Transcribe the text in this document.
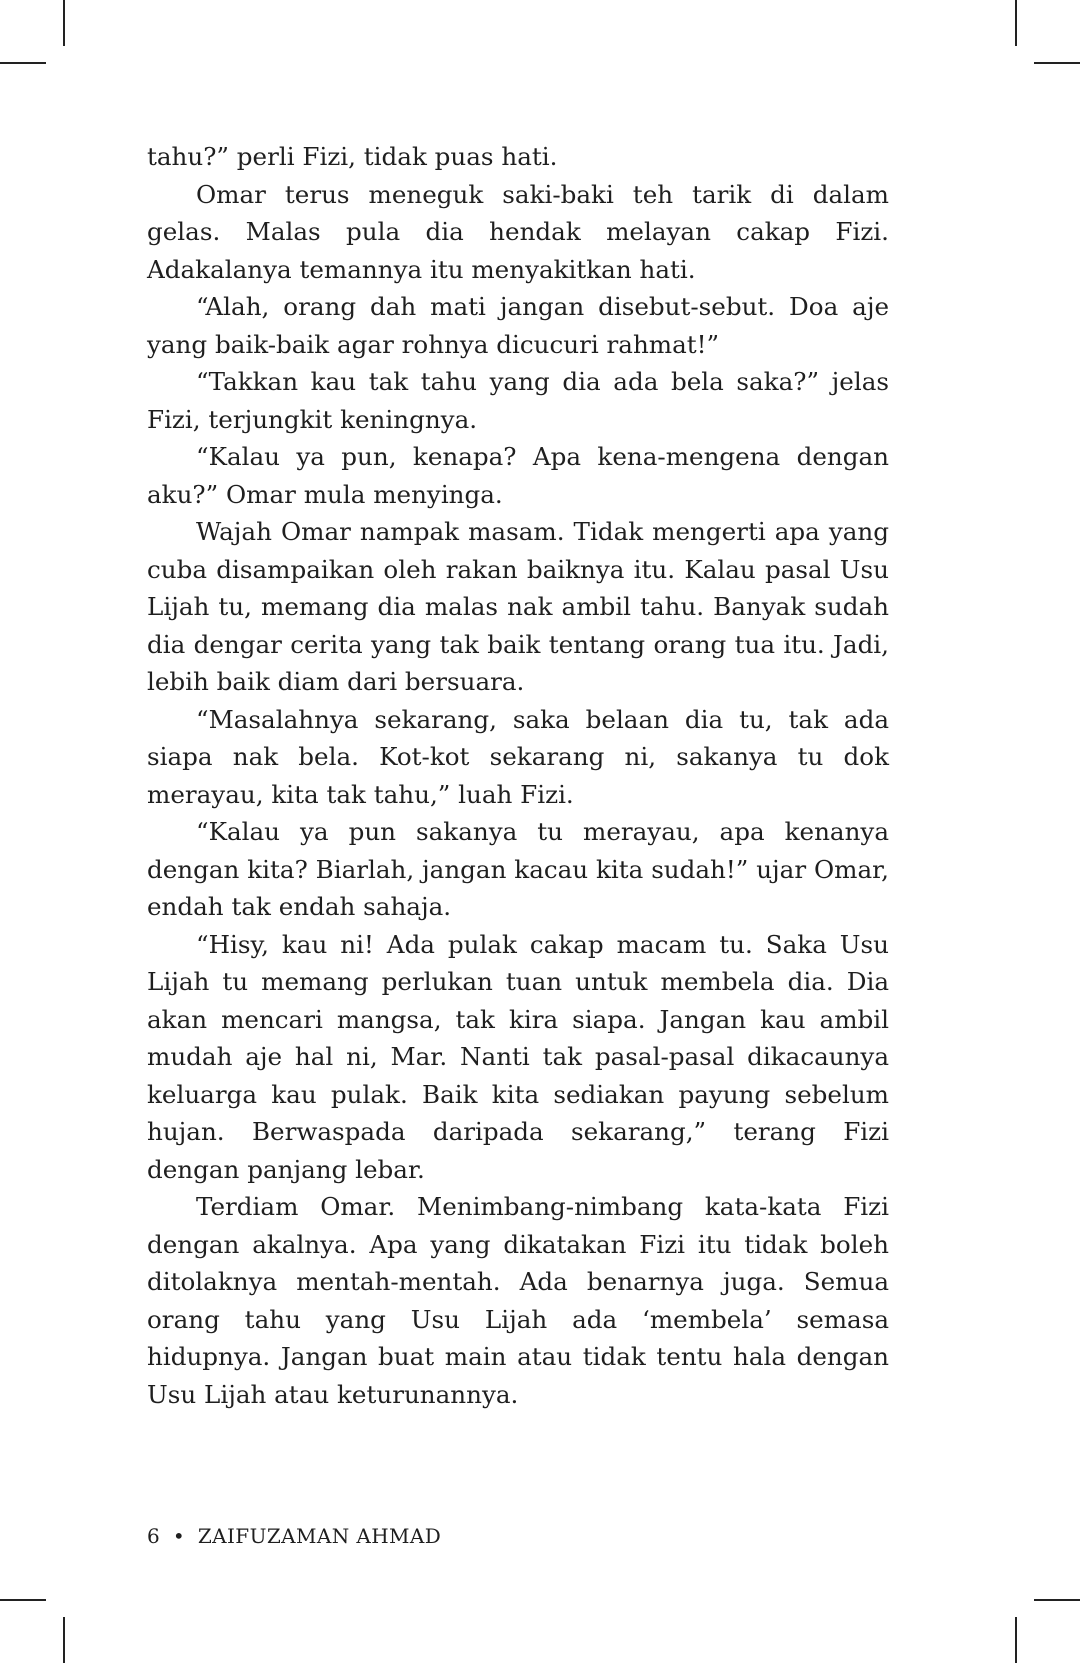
tahu?” perli Fizi, tidak puas hati.

Omar terus meneguk saki-baki teh tarik di dalam gelas. Malas pula dia hendak melayan cakap Fizi. Adakalanya temannya itu menyakitkan hati.

“Alah, orang dah mati jangan disebut-sebut. Doa aje yang baik-baik agar rohnya dicucuri rahmat!”

“Takkan kau tak tahu yang dia ada bela saka?” jelas Fizi, terjungkit keningnya.

“Kalau ya pun, kenapa? Apa kena-mengena dengan aku?” Omar mula menyinga.

Wajah Omar nampak masam. Tidak mengerti apa yang cuba disampaikan oleh rakan baiknya itu. Kalau pasal Usu Lijah tu, memang dia malas nak ambil tahu. Banyak sudah dia dengar cerita yang tak baik tentang orang tua itu. Jadi, lebih baik diam dari bersuara.

“Masalahnya sekarang, saka belaan dia tu, tak ada siapa nak bela. Kot-kot sekarang ni, sakanya tu dok merayau, kita tak tahu,” luah Fizi.

“Kalau ya pun sakanya tu merayau, apa kenanya dengan kita? Biarlah, jangan kacau kita sudah!” ujar Omar, endah tak endah sahaja.

“Hisy, kau ni! Ada pulak cakap macam tu. Saka Usu Lijah tu memang perlukan tuan untuk membela dia. Dia akan mencari mangsa, tak kira siapa. Jangan kau ambil mudah aje hal ni, Mar. Nanti tak pasal-pasal dikacaunya keluarga kau pulak. Baik kita sediakan payung sebelum hujan. Berwaspada daripada sekarang,” terang Fizi dengan panjang lebar.

Terdiam Omar. Menimbang-nimbang kata-kata Fizi dengan akalnya. Apa yang dikatakan Fizi itu tidak boleh ditolaknya mentah-mentah. Ada benarnya juga. Semua orang tahu yang Usu Lijah ada ‘membela’ semasa hidupnya. Jangan buat main atau tidak tentu hala dengan Usu Lijah atau keturunannya.

6 • ZAIFUZAMAN AHMAD
